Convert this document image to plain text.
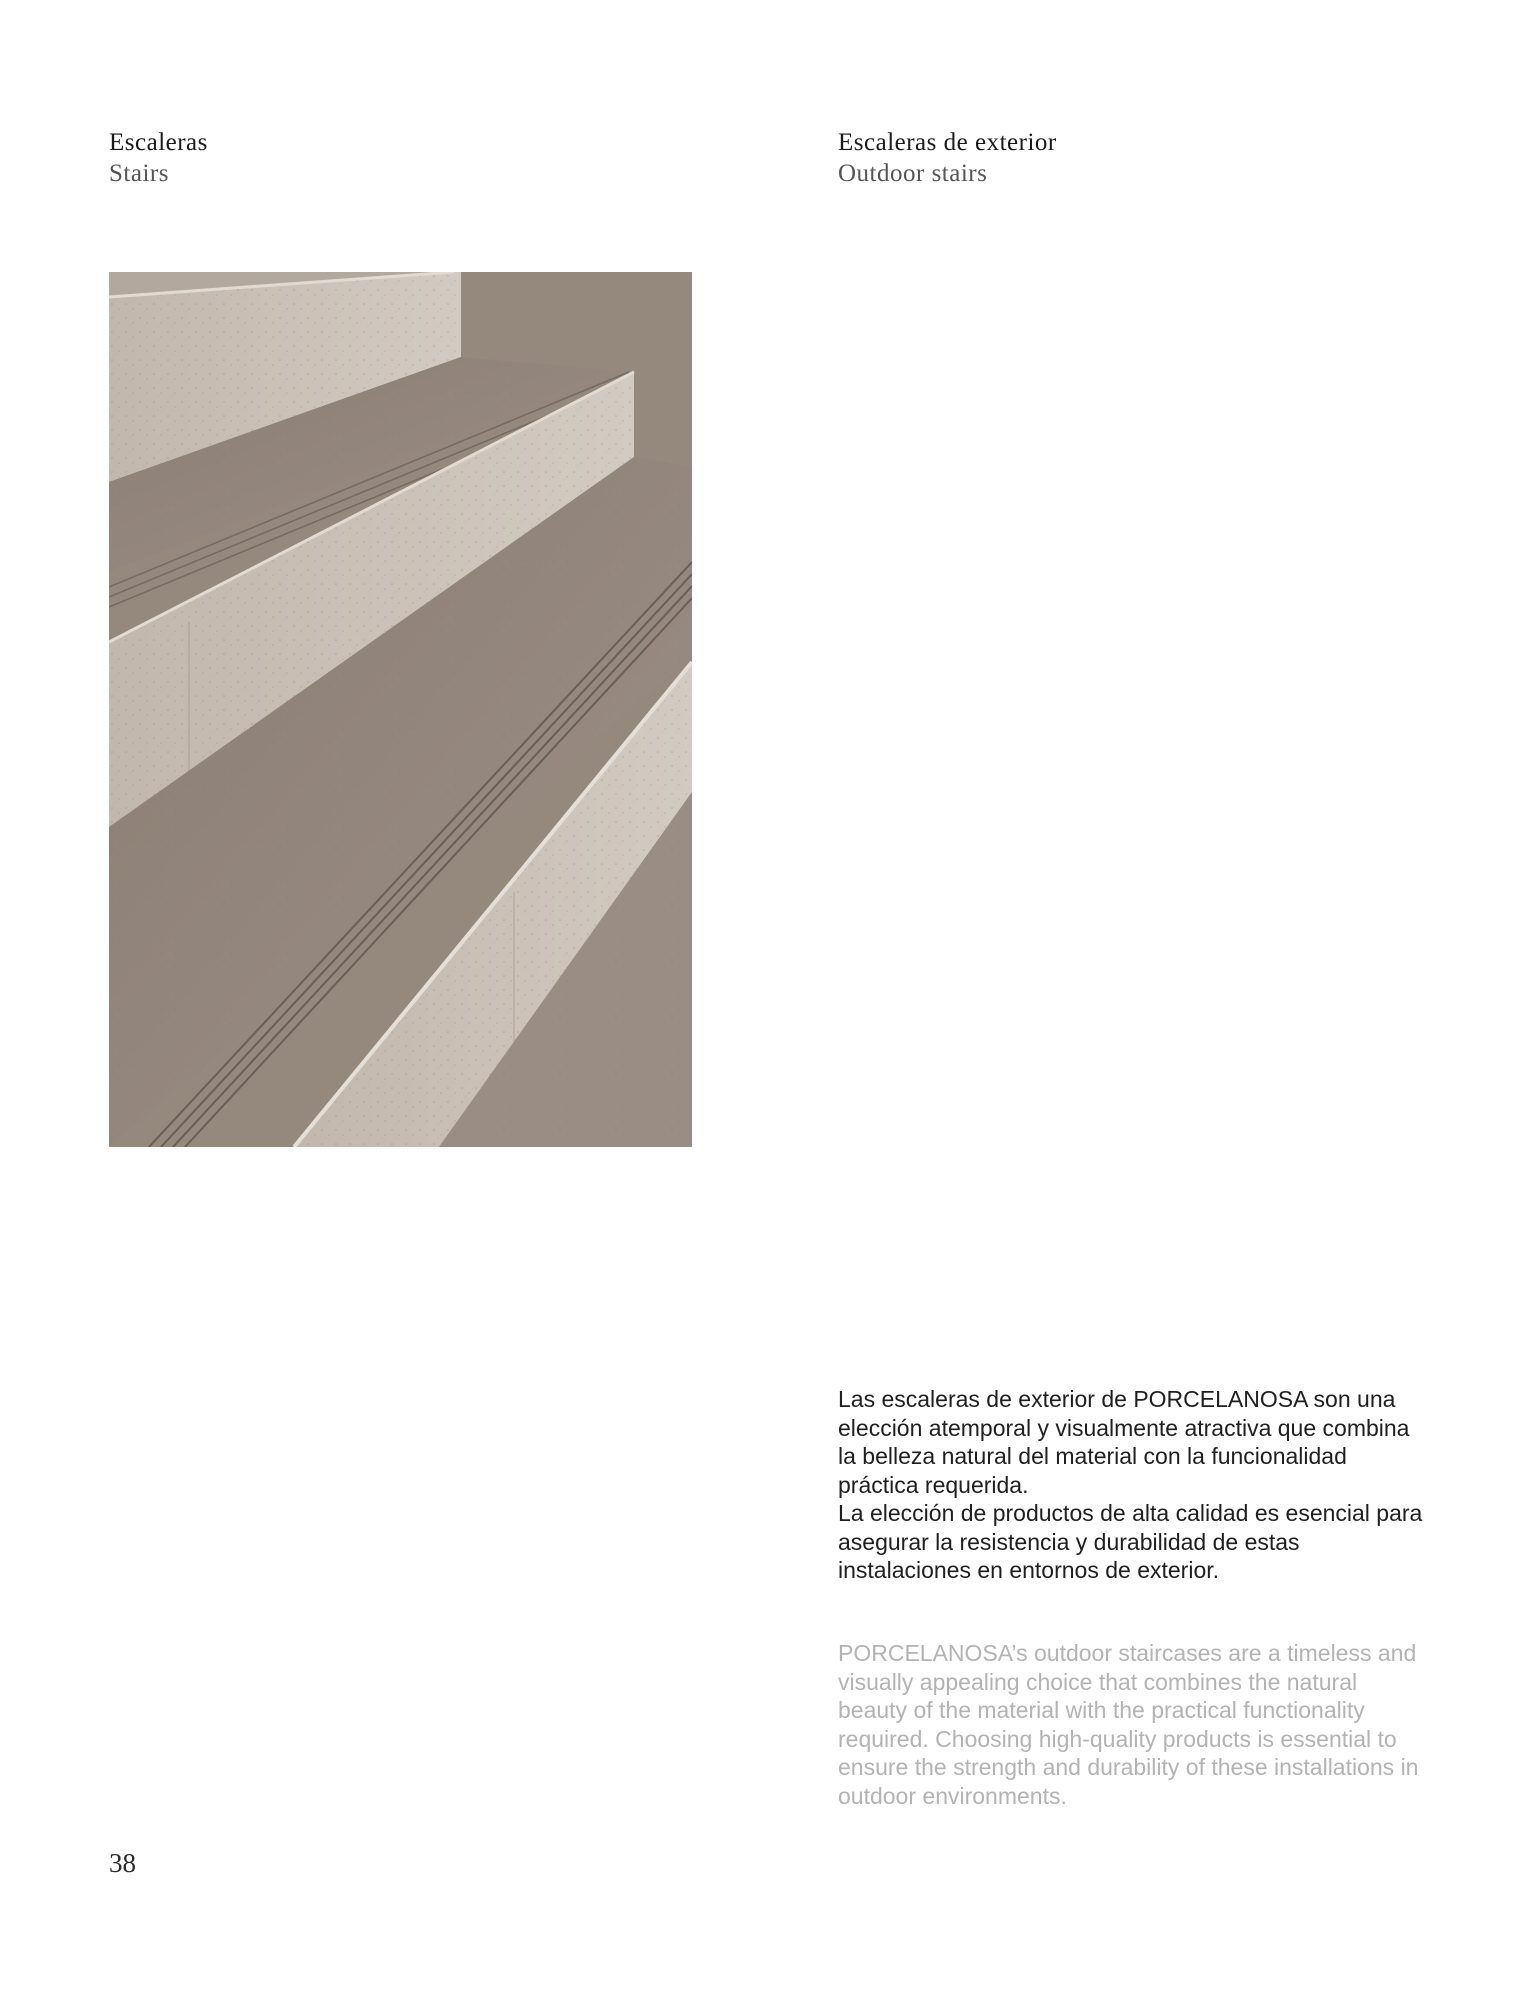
Escaleras
Stairs
Escaleras de exterior
Outdoor stairs

Las escaleras de exterior de PORCELANOSA son una elección atemporal y visualmente atractiva que combina la belleza natural del material con la funcionalidad práctica requerida.
La elección de productos de alta calidad es esencial para asegurar la resistencia y durabilidad de estas instalaciones en entornos de exterior.

PORCELANOSA’s outdoor staircases are a timeless and visually appealing choice that combines the natural beauty of the material with the practical functionality required. Choosing high-quality products is essential to ensure the strength and durability of these installations in outdoor environments.

38
